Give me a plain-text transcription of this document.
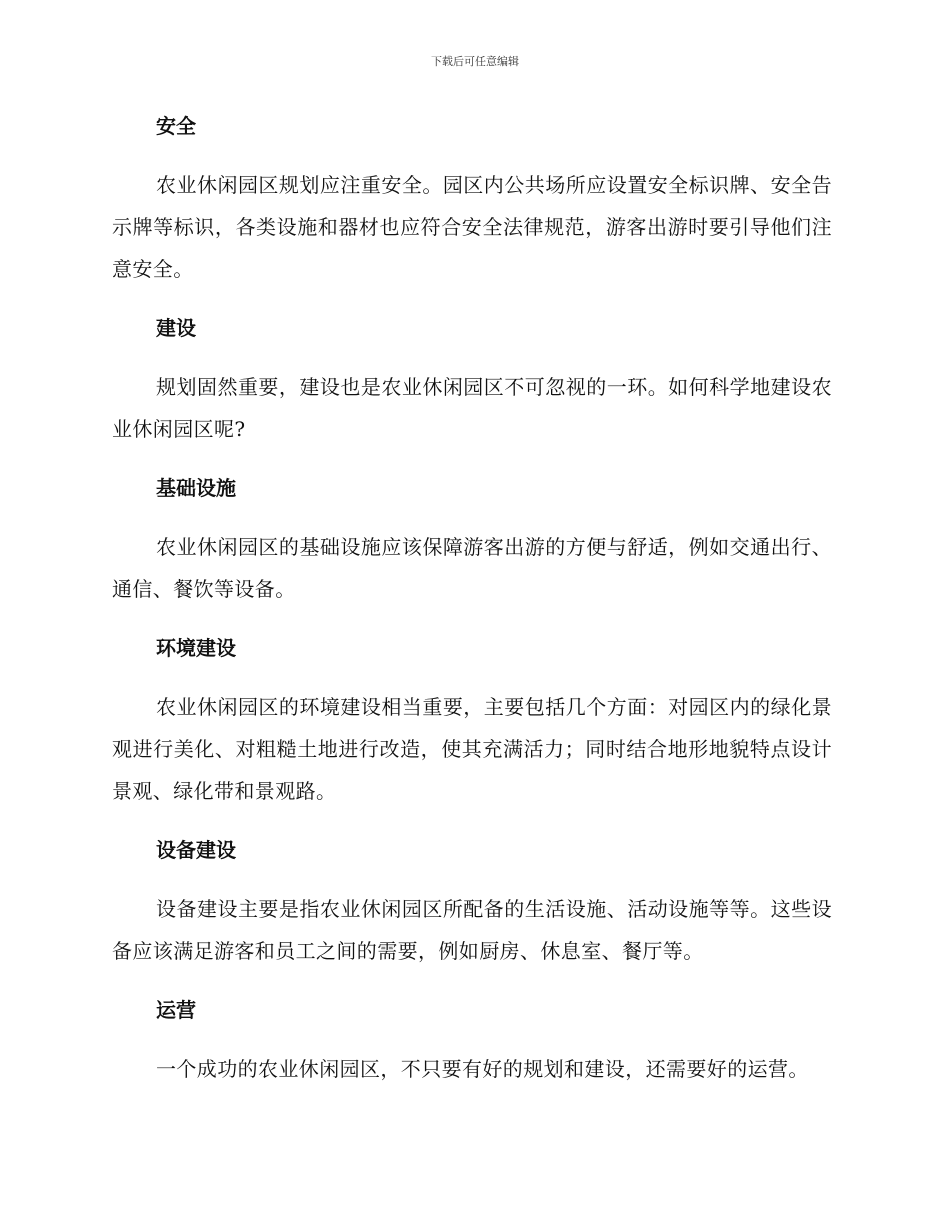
下载后可任意编辑
安全

农业休闲园区规划应注重安全。园区内公共场所应设置安全标识牌、安全告示牌等标识，各类设施和器材也应符合安全法律规范，游客出游时要引导他们注意安全。

建设

规划固然重要，建设也是农业休闲园区不可忽视的一环。如何科学地建设农业休闲园区呢?

基础设施

农业休闲园区的基础设施应该保障游客出游的方便与舒适，例如交通出行、通信、餐饮等设备。

环境建设

农业休闲园区的环境建设相当重要，主要包括几个方面：对园区内的绿化景观进行美化、对粗糙土地进行改造，使其充满活力；同时结合地形地貌特点设计景观、绿化带和景观路。

设备建设

设备建设主要是指农业休闲园区所配备的生活设施、活动设施等等。这些设备应该满足游客和员工之间的需要，例如厨房、休息室、餐厅等。

运营

一个成功的农业休闲园区，不只要有好的规划和建设，还需要好的运营。
